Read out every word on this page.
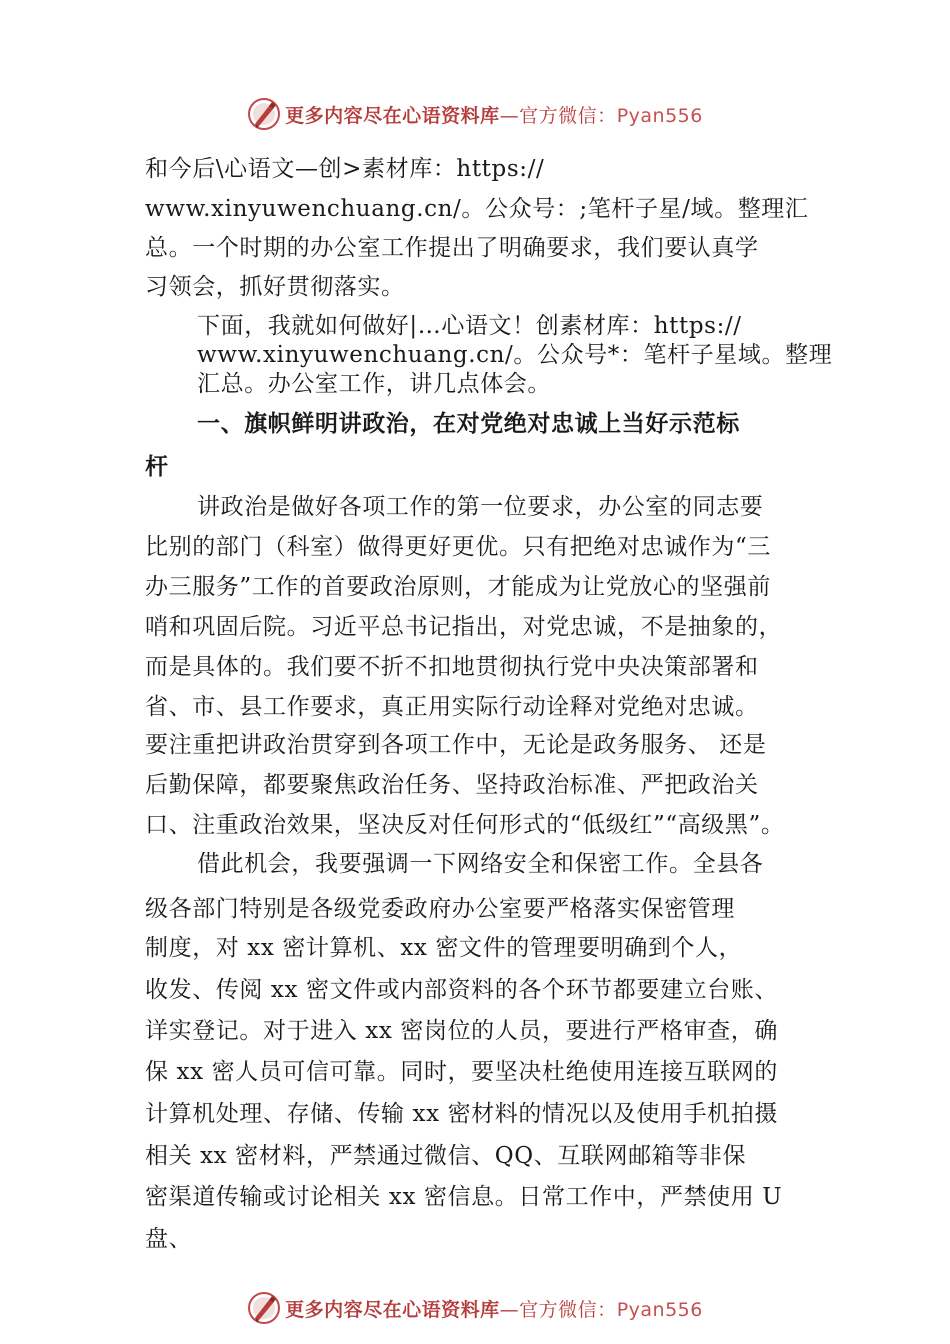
更多内容尽在心语资料库—官方微信：Pyan556
和今后\心语文—创>素材库：https://
www.xinyuwenchuang.cn/。公众号：;笔杆子星/域。整理汇
总。一个时期的办公室工作提出了明确要求，我们要认真学
习领会，抓好贯彻落实。
下面，我就如何做好|…心语文！创素材库：https://
www.xinyuwenchuang.cn/。公众号*：笔杆子星域。整理
汇总。办公室工作，讲几点体会。
一、旗帜鲜明讲政治，在对党绝对忠诚上当好示范标
杆
讲政治是做好各项工作的第一位要求，办公室的同志要
比别的部门（科室）做得更好更优。只有把绝对忠诚作为“三
办三服务”工作的首要政治原则，才能成为让党放心的坚强前
哨和巩固后院。习近平总书记指出，对党忠诚，不是抽象的，
而是具体的。我们要不折不扣地贯彻执行党中央决策部署和
省、市、县工作要求，真正用实际行动诠释对党绝对忠诚。
要注重把讲政治贯穿到各项工作中，无论是政务服务、 还是
后勤保障，都要聚焦政治任务、坚持政治标准、严把政治关
口、注重政治效果，坚决反对任何形式的“低级红”“高级黑”。
借此机会，我要强调一下网络安全和保密工作。全县各
级各部门特别是各级党委政府办公室要严格落实保密管理
制度，对 xx 密计算机、xx 密文件的管理要明确到个人，
收发、传阅 xx 密文件或内部资料的各个环节都要建立台账、
详实登记。对于进入 xx 密岗位的人员，要进行严格审查，确
保 xx 密人员可信可靠。同时，要坚决杜绝使用连接互联网的
计算机处理、存储、传输 xx 密材料的情况以及使用手机拍摄
相关 xx 密材料，严禁通过微信、QQ、互联网邮箱等非保
密渠道传输或讨论相关 xx 密信息。日常工作中，严禁使用 U
盘、
更多内容尽在心语资料库—官方微信：Pyan556
